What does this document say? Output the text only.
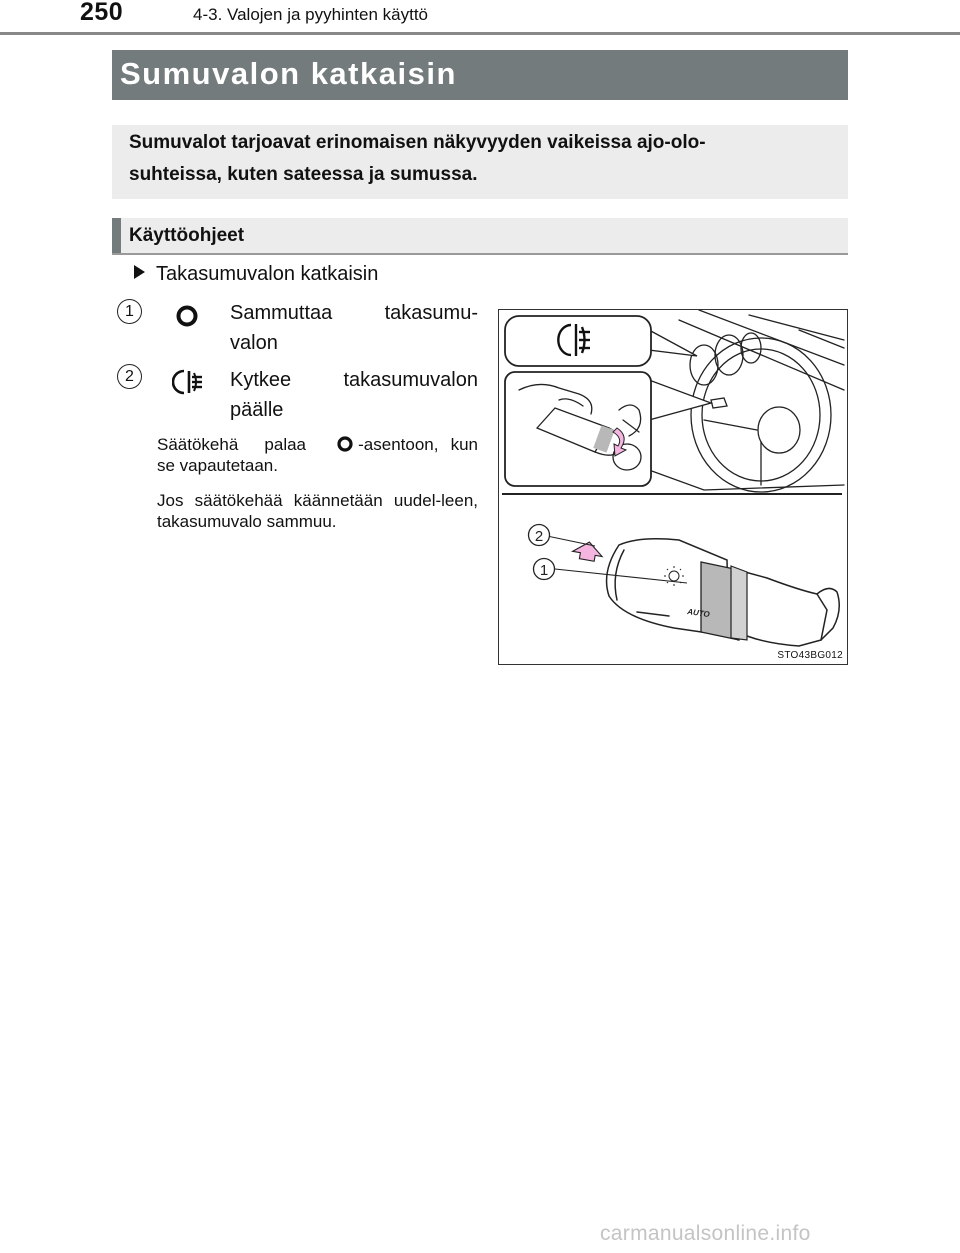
250	4-3. Valojen ja pyyhinten käyttö
Sumuvalon katkaisin
Sumuvalot tarjoavat erinomaisen näkyvyyden vaikeissa ajo-olo-
suhteissa, kuten sateessa ja sumussa.
Käyttöohjeet
Takasumuvalon katkaisin
1	Sammuttaa takasumu-valon
2	Kytkee takasumuvalon päälle
Säätökehä palaa	-asentoon, kun se vapautetaan.
Jos säätökehää käännetään uudel-leen, takasumuvalo sammuu.
AUTO
2
1
STO43BG012
carmanualsonline.info
